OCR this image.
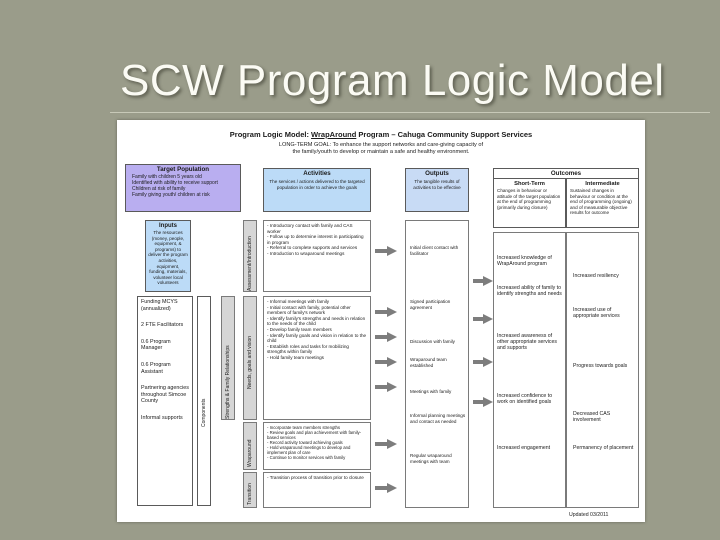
SCW Program Logic Model
Program Logic Model: WrapAround Program – Cahuga Community Support Services
LONG-TERM GOAL: To enhance the support networks and care-giving capacity of
the family/youth to develop or maintain a safe and healthy environment.
Target Population
Family with children 5 years old
Identified with ability to receive support
Children at risk of family
Family giving youth/ children at risk
Inputs
The resources (money, people, equipment, & programs) to deliver the program activities, equipment, funding, materials, volunteer local volunteers
Funding MCYS (annualized)
2 FTE Facilitators
0.6 Program Manager
0.6 Program Assistant
Partnering agencies throughout Simcoe County
Informal supports	Components
Assessment/Introduction
Strengths & Family Relationships	Needs, goals and vision
Wraparound
Transition
Activities
The services / actions delivered to the targeted population in order to achieve the goals
- Introductory contact with family and CAS worker
- Follow up to determine interest in participating in program
- Referral to complete supports and services
- Introduction to wraparound meetings
- Informal meetings with family
- Initial contact with family, potential other members of family's network
- Identify family's strengths and needs in relation to the needs of the child
- Develop family team members
- Identify family goals and vision in relation to the child
- Establish roles and tasks for mobilizing strengths within family
- Hold family team meetings
- Incorporate team members strengths
- Review goals and plan achievement with family-based services
- Record activity toward achieving goals
- Hold wraparound meetings to develop and implement plan of care
- Continue to monitor services with family
- Transition process of transition prior to closure
Outputs
The tangible results of activities to be effective
Initial client contact with facilitator
Signed participation agreement
Discussion with family
Wraparound team established
Meetings with family
Informal planning meetings and contact as needed
Regular wraparound meetings with team
Outcomes
Short-Term
Changes in behaviour or attitude of the target population at the end of programming (primarily during closure)
Intermediate
Sustained changes in behaviour or condition at the end of programming (ongoing) and of measurable objective results for outcome
Increased knowledge of WrapAround program
Increased ability of family to identify strengths and needs
Increased awareness of other appropriate services and supports
Increased confidence to work on identified goals
Increased engagement
Increased resiliency
Increased use of appropriate services
Progress towards goals
Decreased CAS involvement
Permanency of placement
Updated 03/2011
